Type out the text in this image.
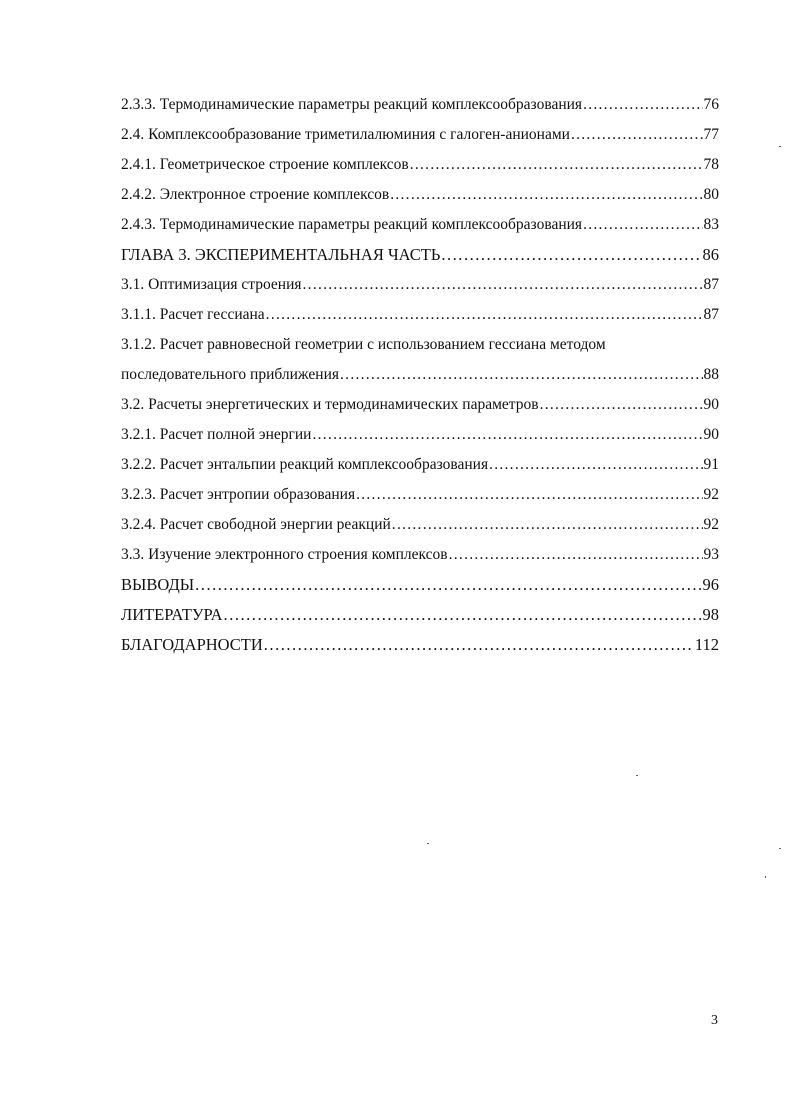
2.3.3. Термодинамические параметры реакций комплексообразования . . .	76
2.4. Комплексообразование триметилалюминия с галоген-анионами . . .	77
2.4.1. Геометрическое строение комплексов . . .	78
2.4.2. Электронное строение комплексов . . .	80
2.4.3. Термодинамические параметры реакций комплексообразования . . .	83
ГЛАВА 3. ЭКСПЕРИМЕНТАЛЬНАЯ ЧАСТЬ . . .	86
3.1. Оптимизация строения . . .	87
3.1.1. Расчет гессиана . . .	87
3.1.2. Расчет равновесной геометрии с использованием гессиана методом
последовательного приближения . . .	88
3.2. Расчеты энергетических и термодинамических параметров . . .	90
3.2.1. Расчет полной энергии . . .	90
3.2.2. Расчет энтальпии реакций комплексообразования . . .	91
3.2.3. Расчет энтропии образования . . .	92
3.2.4. Расчет свободной энергии реакций . . .	92
3.3. Изучение электронного строения комплексов . . .	93
ВЫВОДЫ . . .	96
ЛИТЕРАТУРА . . .	98
БЛАГОДАРНОСТИ . . .	112
3
